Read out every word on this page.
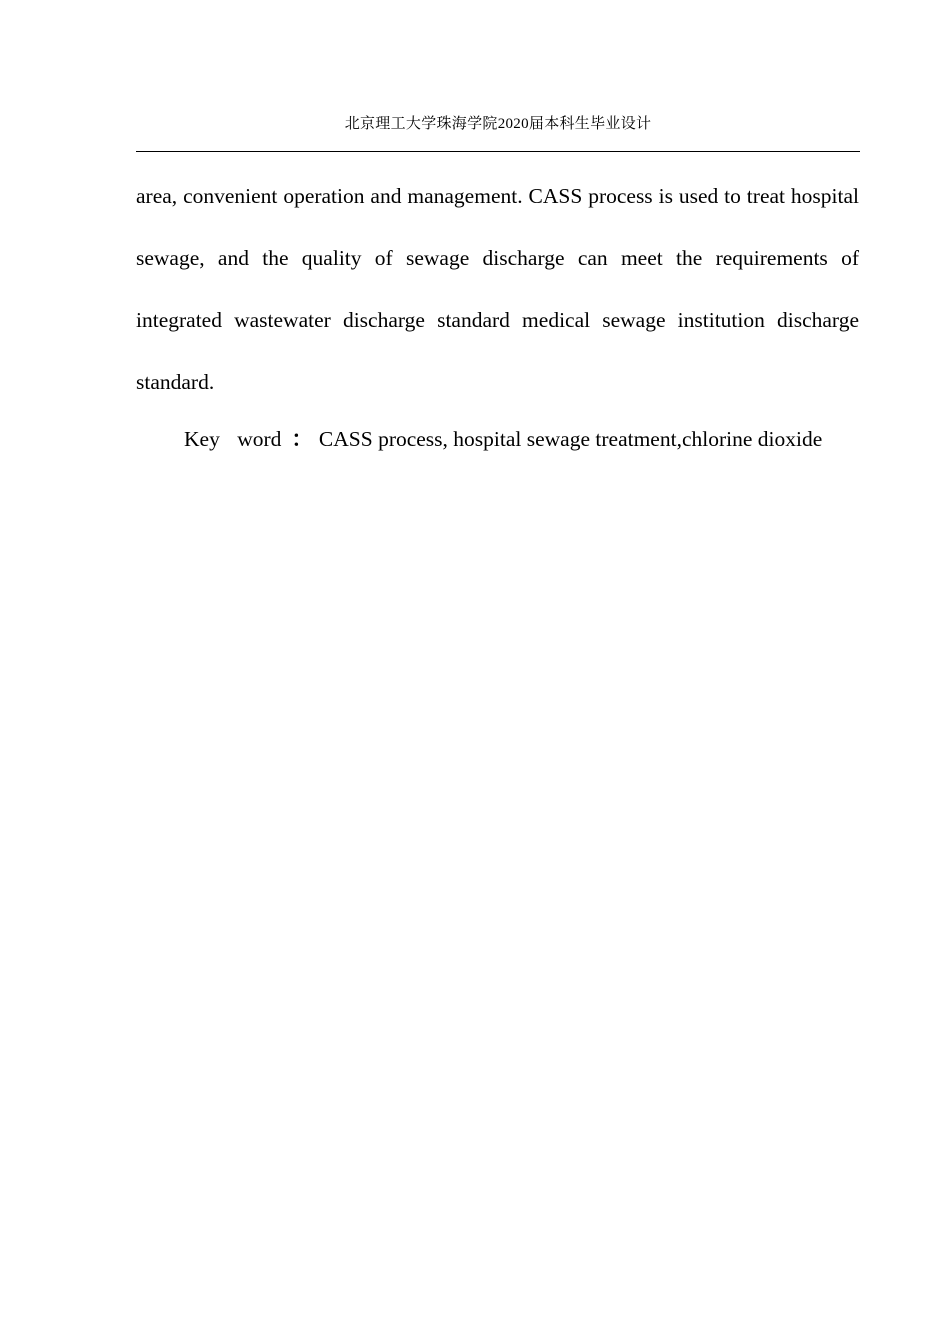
北京理工大学珠海学院2020届本科生毕业设计

area, convenient operation and management. CASS process is used to treat hospital sewage, and the quality of sewage discharge can meet the requirements of integrated wastewater discharge standard medical sewage institution discharge standard.

Key word ： CASS process, hospital sewage treatment,chlorine dioxide
